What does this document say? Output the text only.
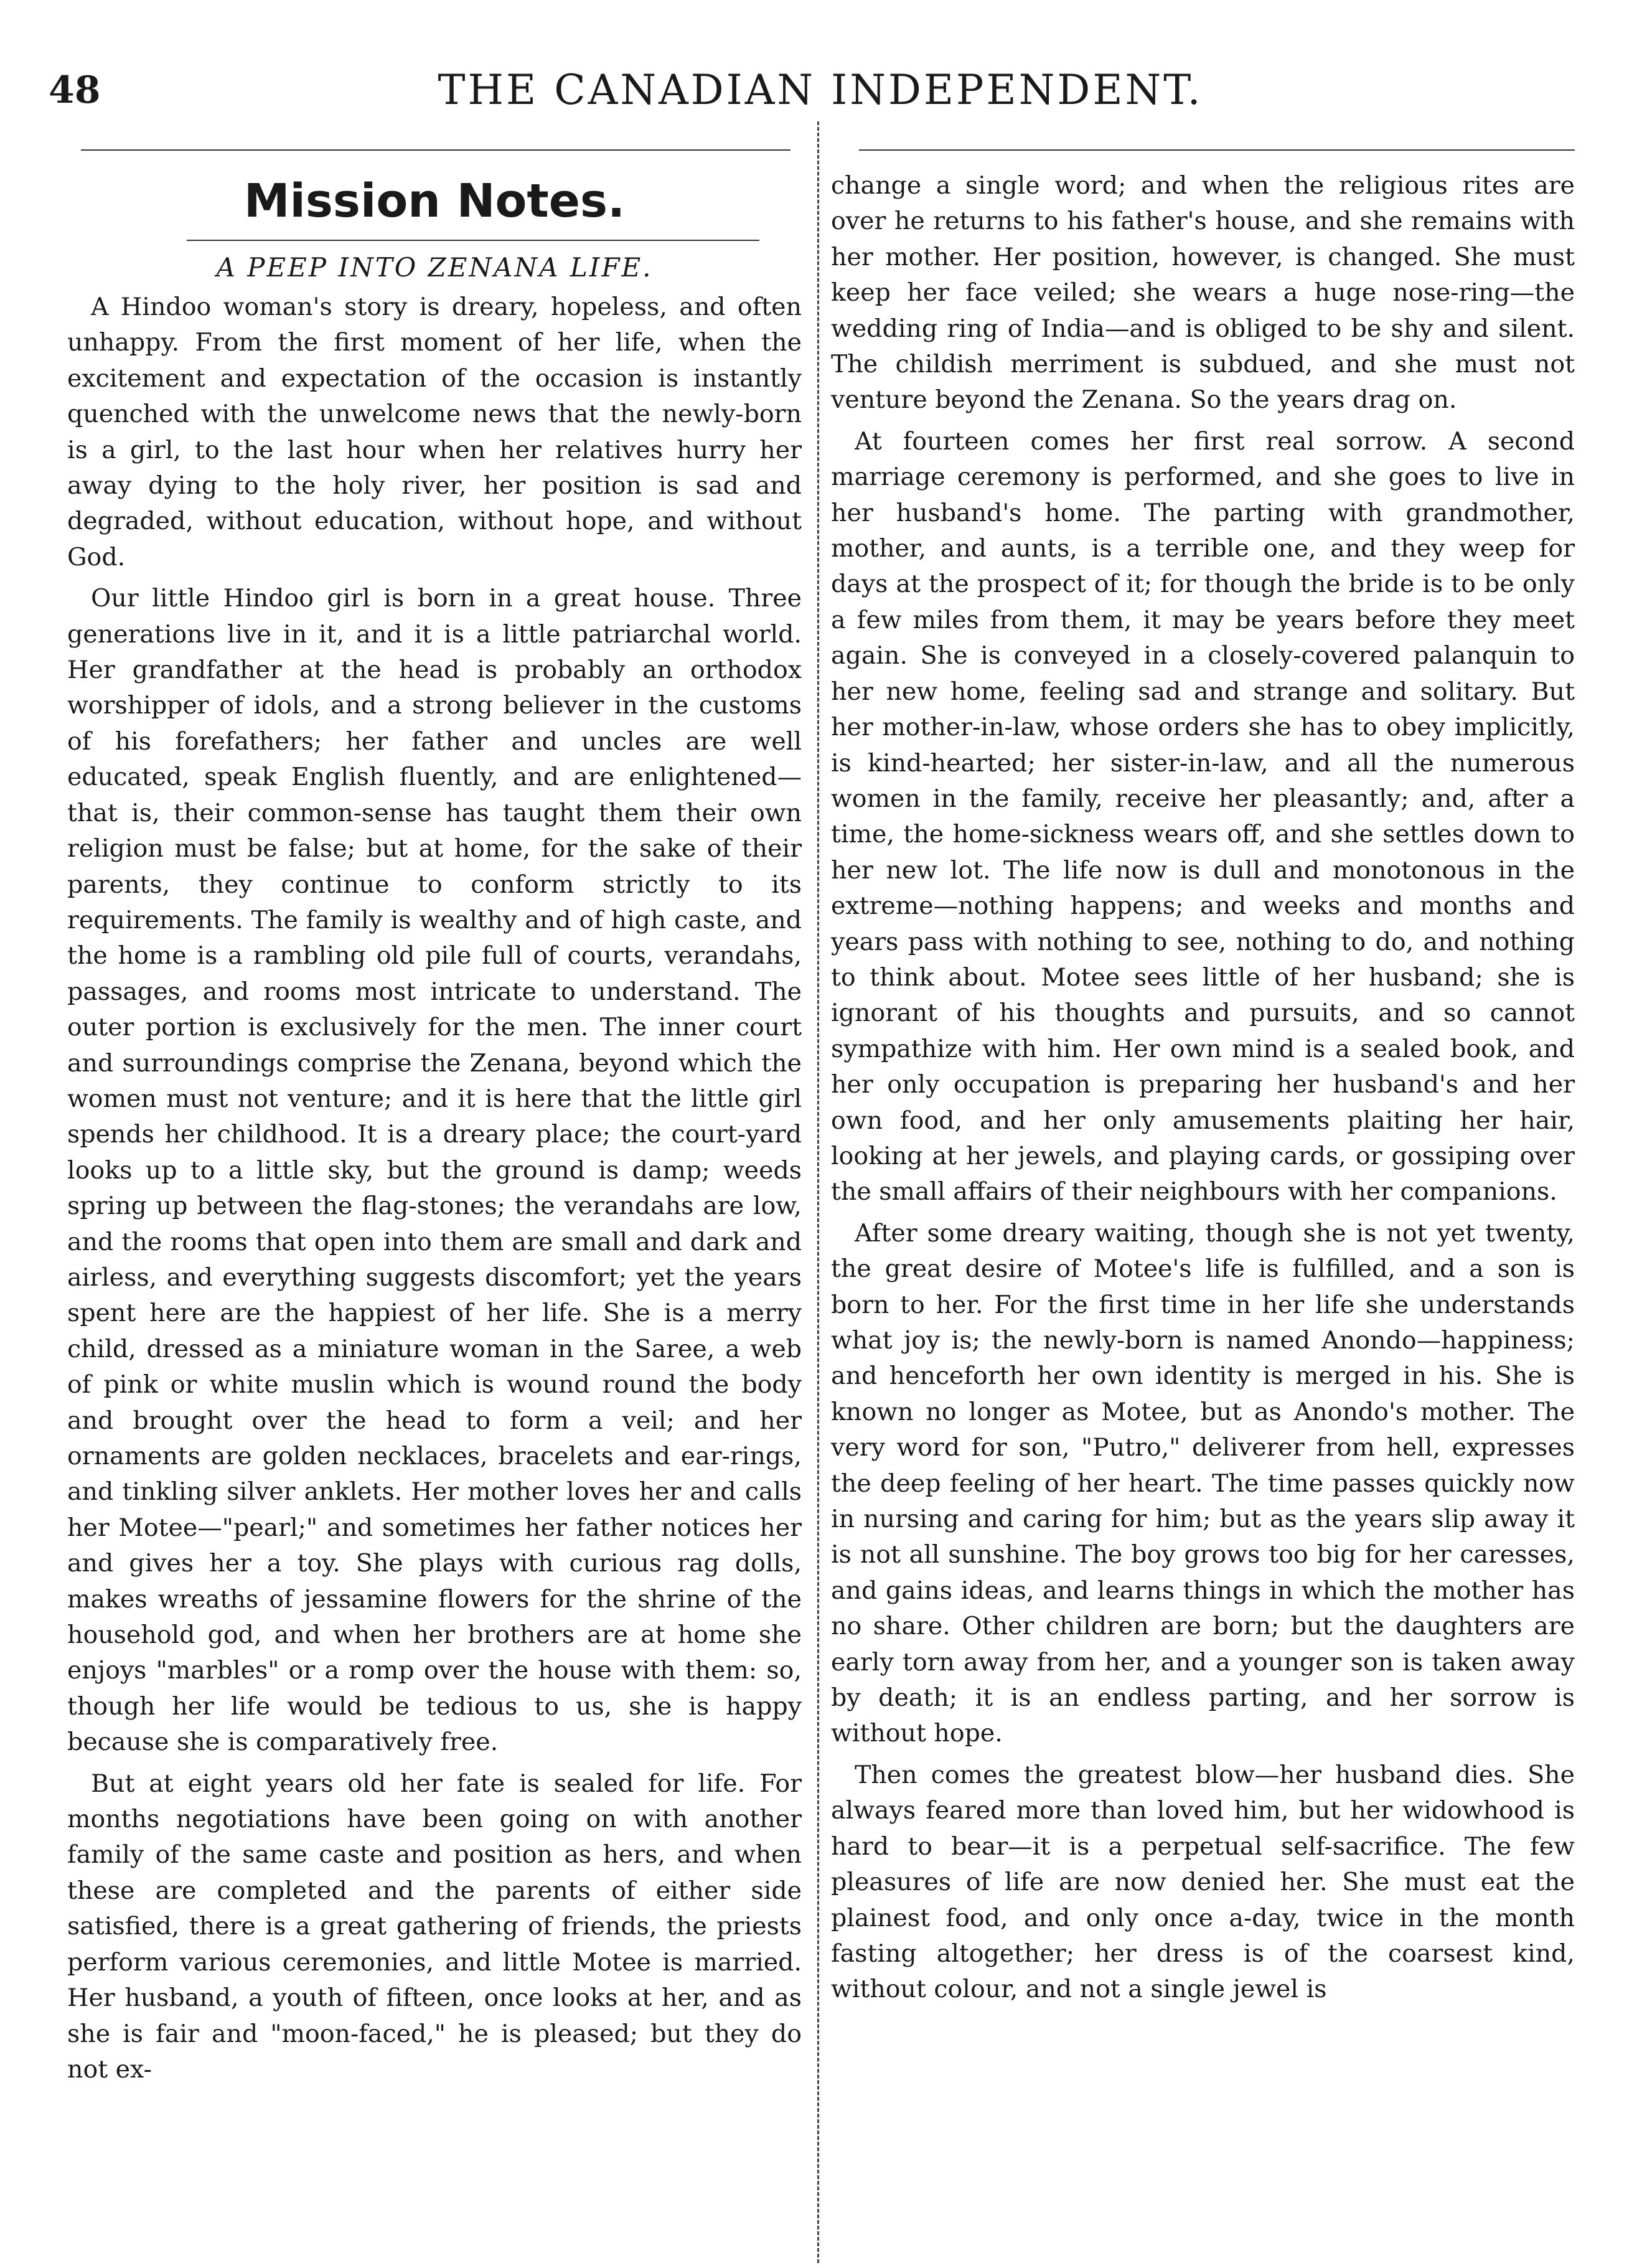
48	THE CANADIAN INDEPENDENT.
Mission Notes.
A PEEP INTO ZENANA LIFE.

A Hindoo woman's story is dreary, hopeless, and often unhappy. From the first moment of her life, when the excitement and expectation of the occasion is instantly quenched with the unwelcome news that the newly-born is a girl, to the last hour when her relatives hurry her away dying to the holy river, her position is sad and degraded, without education, without hope, and without God.

Our little Hindoo girl is born in a great house. Three generations live in it, and it is a little patriarchal world. Her grandfather at the head is probably an orthodox worshipper of idols, and a strong believer in the customs of his forefathers; her father and uncles are well educated, speak English fluently, and are enlightened—that is, their common-sense has taught them their own religion must be false; but at home, for the sake of their parents, they continue to conform strictly to its requirements. The family is wealthy and of high caste, and the home is a rambling old pile full of courts, verandahs, passages, and rooms most intricate to understand. The outer portion is exclusively for the men. The inner court and surroundings comprise the Zenana, beyond which the women must not venture; and it is here that the little girl spends her childhood. It is a dreary place; the court-yard looks up to a little sky, but the ground is damp; weeds spring up between the flag-stones; the verandahs are low, and the rooms that open into them are small and dark and airless, and everything suggests discomfort; yet the years spent here are the happiest of her life. She is a merry child, dressed as a miniature woman in the Saree, a web of pink or white muslin which is wound round the body and brought over the head to form a veil; and her ornaments are golden necklaces, bracelets and ear-rings, and tinkling silver anklets. Her mother loves her and calls her Motee—"pearl;" and sometimes her father notices her and gives her a toy. She plays with curious rag dolls, makes wreaths of jessamine flowers for the shrine of the household god, and when her brothers are at home she enjoys "marbles" or a romp over the house with them: so, though her life would be tedious to us, she is happy because she is comparatively free.

But at eight years old her fate is sealed for life. For months negotiations have been going on with another family of the same caste and position as hers, and when these are completed and the parents of either side satisfied, there is a great gathering of friends, the priests perform various ceremonies, and little Motee is married. Her husband, a youth of fifteen, once looks at her, and as she is fair and "moon-faced," he is pleased; but they do not ex-

change a single word; and when the religious rites are over he returns to his father's house, and she remains with her mother. Her position, however, is changed. She must keep her face veiled; she wears a huge nose-ring—the wedding ring of India—and is obliged to be shy and silent. The childish merriment is subdued, and she must not venture beyond the Zenana. So the years drag on.

At fourteen comes her first real sorrow. A second marriage ceremony is performed, and she goes to live in her husband's home. The parting with grandmother, mother, and aunts, is a terrible one, and they weep for days at the prospect of it; for though the bride is to be only a few miles from them, it may be years before they meet again. She is conveyed in a closely-covered palanquin to her new home, feeling sad and strange and solitary. But her mother-in-law, whose orders she has to obey implicitly, is kind-hearted; her sister-in-law, and all the numerous women in the family, receive her pleasantly; and, after a time, the home-sickness wears off, and she settles down to her new lot. The life now is dull and monotonous in the extreme—nothing happens; and weeks and months and years pass with nothing to see, nothing to do, and nothing to think about. Motee sees little of her husband; she is ignorant of his thoughts and pursuits, and so cannot sympathize with him. Her own mind is a sealed book, and her only occupation is preparing her husband's and her own food, and her only amusements plaiting her hair, looking at her jewels, and playing cards, or gossiping over the small affairs of their neighbours with her companions.

After some dreary waiting, though she is not yet twenty, the great desire of Motee's life is fulfilled, and a son is born to her. For the first time in her life she understands what joy is; the newly-born is named Anondo—happiness; and henceforth her own identity is merged in his. She is known no longer as Motee, but as Anondo's mother. The very word for son, "Putro," deliverer from hell, expresses the deep feeling of her heart. The time passes quickly now in nursing and caring for him; but as the years slip away it is not all sunshine. The boy grows too big for her caresses, and gains ideas, and learns things in which the mother has no share. Other children are born; but the daughters are early torn away from her, and a younger son is taken away by death; it is an endless parting, and her sorrow is without hope.

Then comes the greatest blow—her husband dies. She always feared more than loved him, but her widowhood is hard to bear—it is a perpetual self-sacrifice. The few pleasures of life are now denied her. She must eat the plainest food, and only once a-day, twice in the month fasting altogether; her dress is of the coarsest kind, without colour, and not a single jewel is
